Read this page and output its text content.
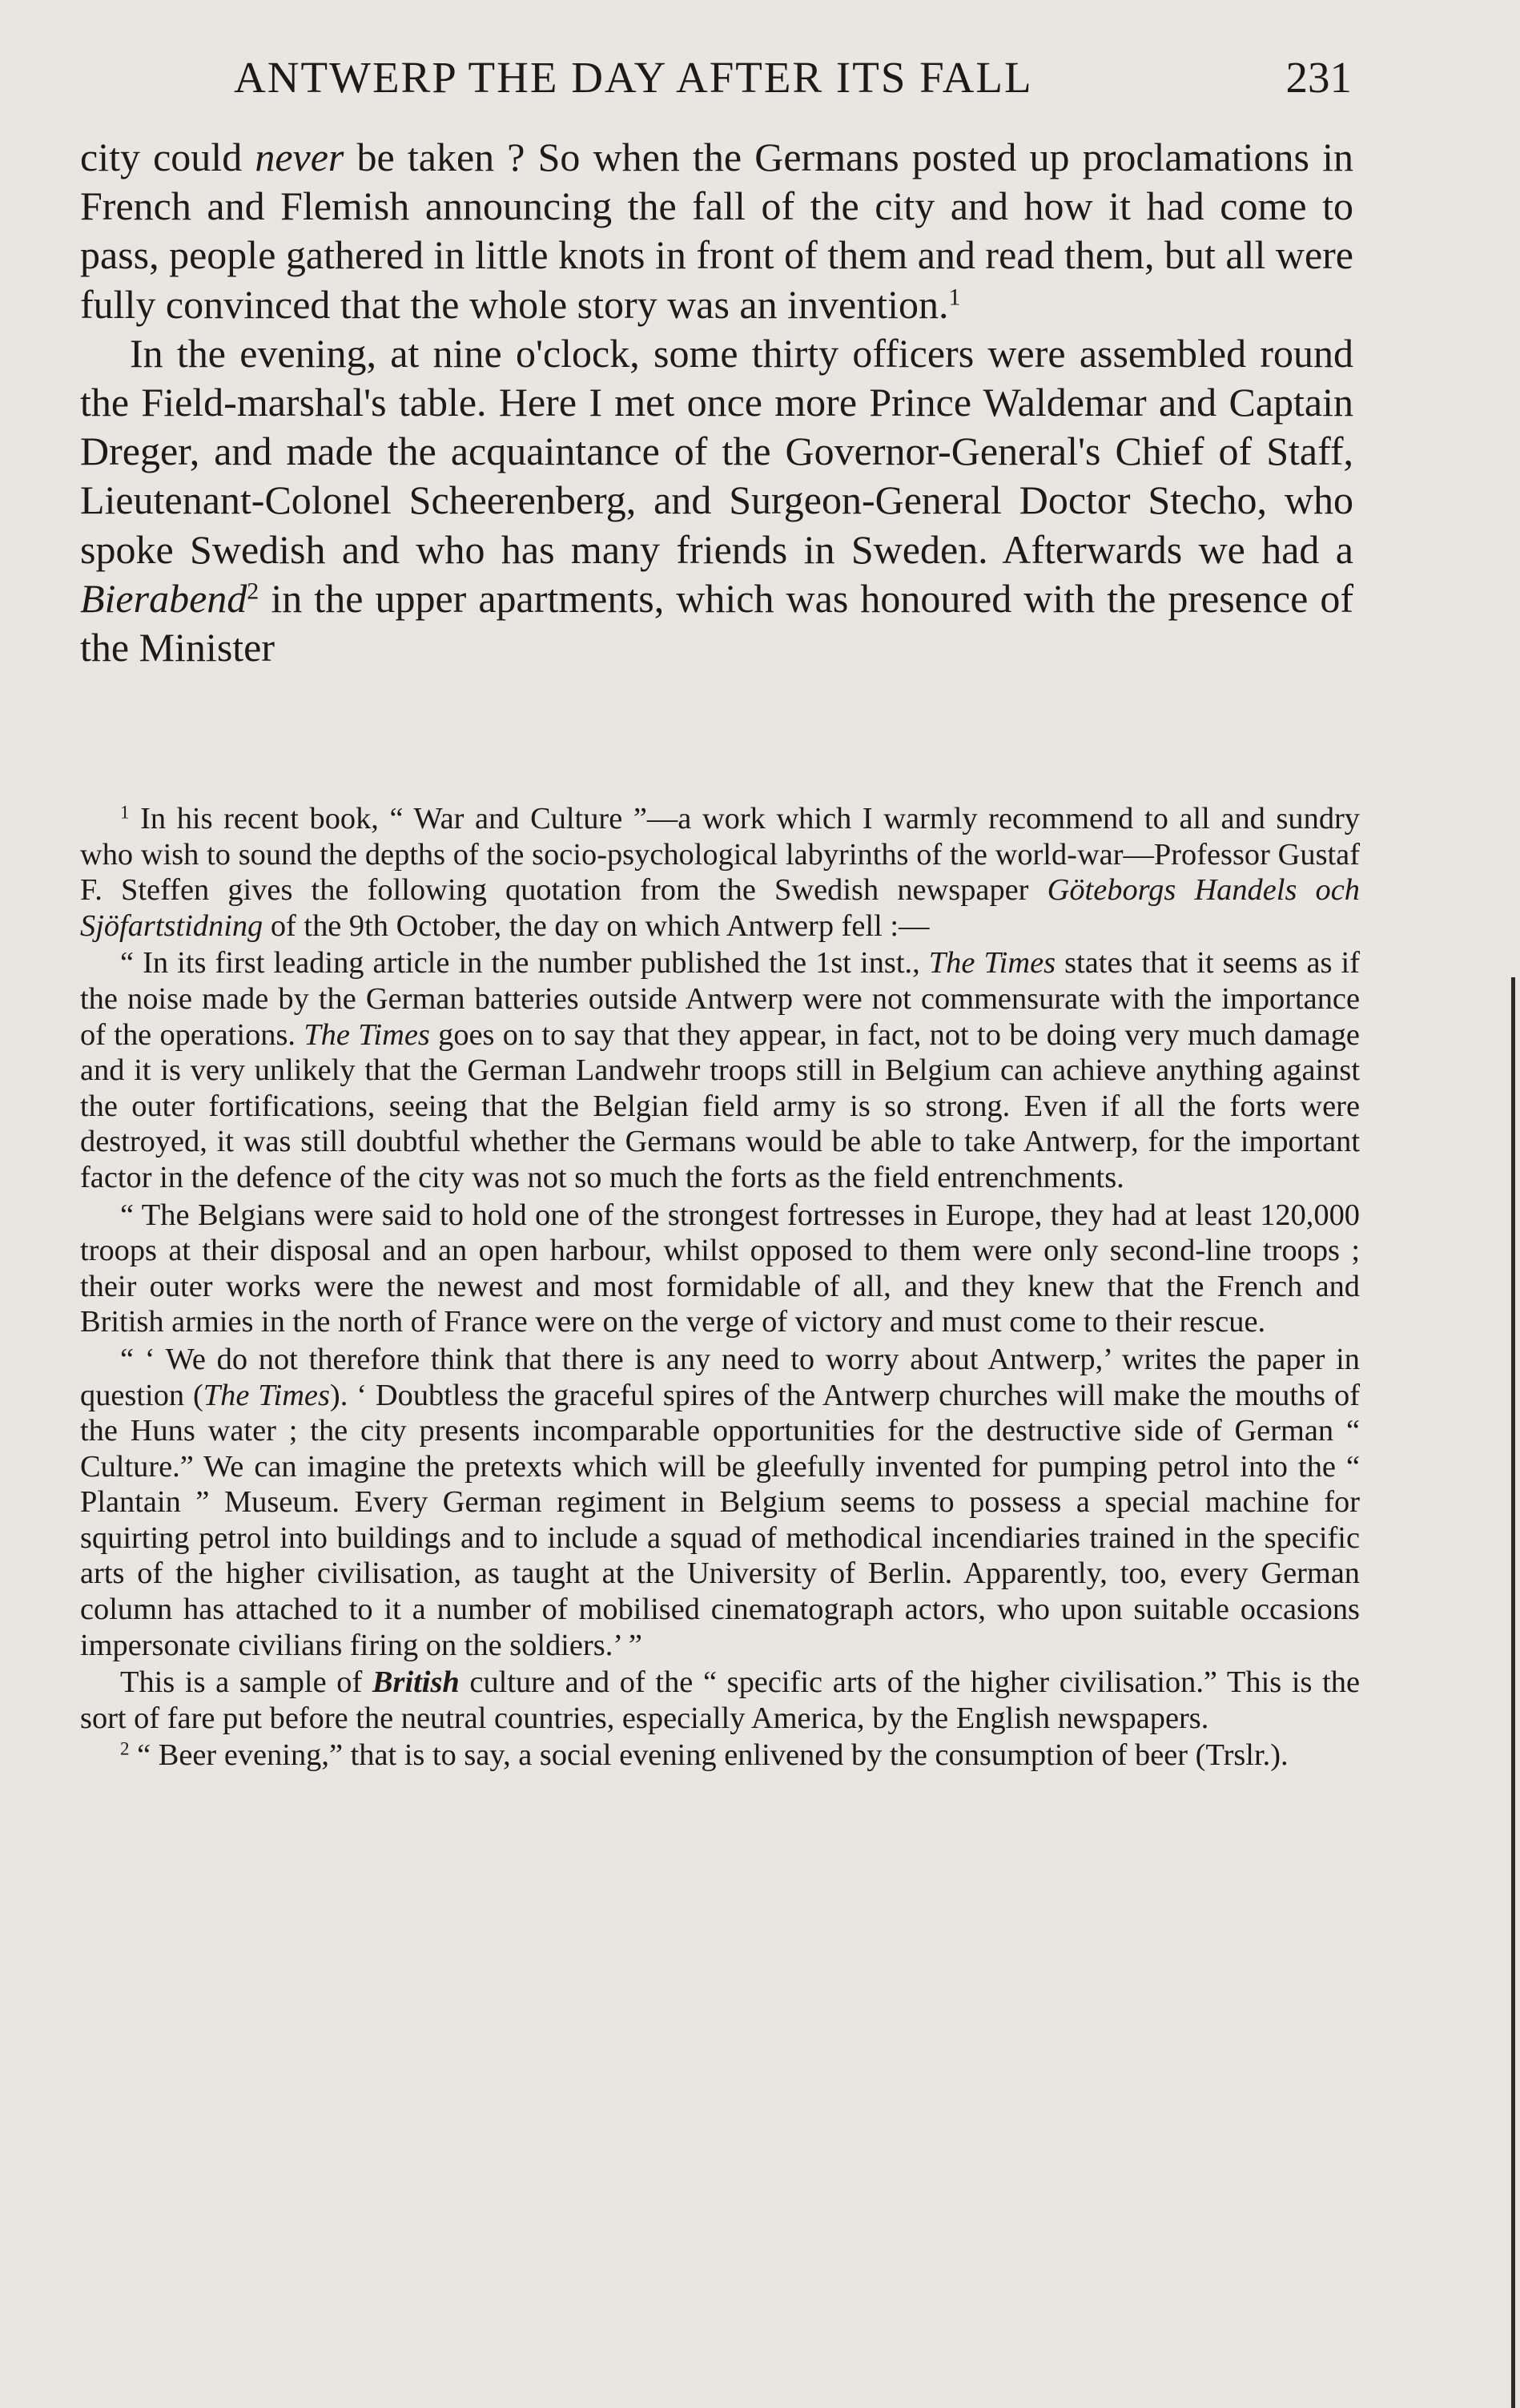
ANTWERP THE DAY AFTER ITS FALL	231

city could never be taken ? So when the Germans posted up proclamations in French and Flemish announcing the fall of the city and how it had come to pass, people gathered in little knots in front of them and read them, but all were fully convinced that the whole story was an invention.$^1$

In the evening, at nine o'clock, some thirty officers were assembled round the Field-marshal's table. Here I met once more Prince Waldemar and Captain Dreger, and made the acquaintance of the Governor-General's Chief of Staff, Lieutenant-Colonel Scheerenberg, and Surgeon-General Doctor Stecho, who spoke Swedish and who has many friends in Sweden. Afterwards we had a Bierabend$^2$ in the upper apartments, which was honoured with the presence of the Minister

$^1$ In his recent book, “ War and Culture ”—a work which I warmly recommend to all and sundry who wish to sound the depths of the socio-psychological labyrinths of the world-war—Professor Gustaf F. Steffen gives the following quotation from the Swedish newspaper Göteborgs Handels och Sjöfartstidning of the 9th October, the day on which Antwerp fell :—

“ In its first leading article in the number published the 1st inst., The Times states that it seems as if the noise made by the German batteries outside Antwerp were not commensurate with the importance of the operations. The Times goes on to say that they appear, in fact, not to be doing very much damage and it is very unlikely that the German Landwehr troops still in Belgium can achieve anything against the outer fortifications, seeing that the Belgian field army is so strong. Even if all the forts were destroyed, it was still doubtful whether the Germans would be able to take Antwerp, for the important factor in the defence of the city was not so much the forts as the field entrenchments.

“ The Belgians were said to hold one of the strongest fortresses in Europe, they had at least 120,000 troops at their disposal and an open harbour, whilst opposed to them were only second-line troops ; their outer works were the newest and most formidable of all, and they knew that the French and British armies in the north of France were on the verge of victory and must come to their rescue.

“ ‘ We do not therefore think that there is any need to worry about Antwerp,’ writes the paper in question (The Times). ‘ Doubtless the graceful spires of the Antwerp churches will make the mouths of the Huns water ; the city presents incomparable opportunities for the destructive side of German “ Culture.” We can imagine the pretexts which will be gleefully invented for pumping petrol into the “ Plantain ” Museum. Every German regiment in Belgium seems to possess a special machine for squirting petrol into buildings and to include a squad of methodical incendiaries trained in the specific arts of the higher civilisation, as taught at the University of Berlin. Apparently, too, every German column has attached to it a number of mobilised cinematograph actors, who upon suitable occasions impersonate civilians firing on the soldiers.’ ”

This is a sample of British culture and of the “ specific arts of the higher civilisation.” This is the sort of fare put before the neutral countries, especially America, by the English newspapers.

$^2$ “ Beer evening,” that is to say, a social evening enlivened by the consumption of beer (Trslr.).
